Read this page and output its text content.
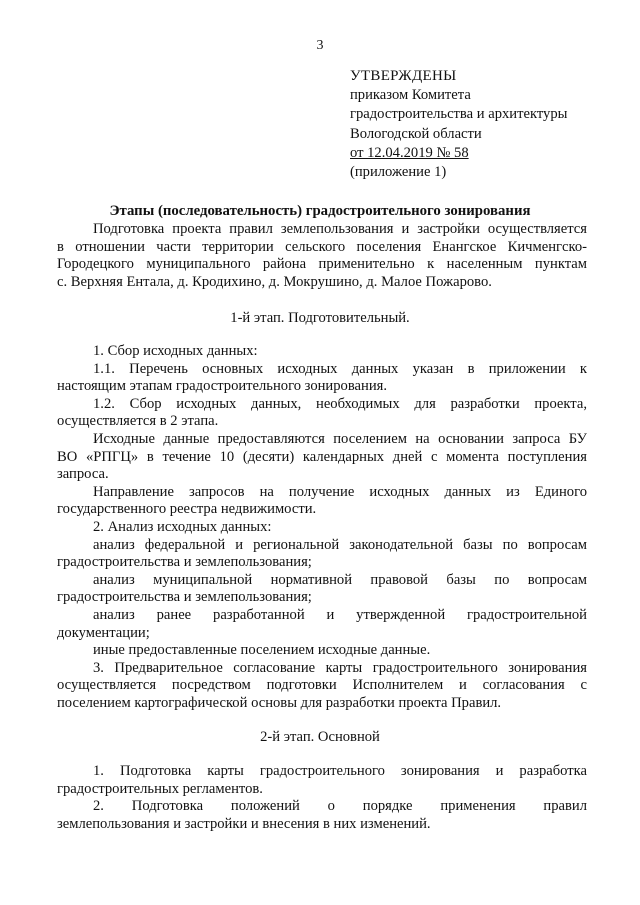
3
УТВЕРЖДЕНЫ
приказом Комитета
градостроительства и архитектуры
Вологодской области
от 12.04.2019 № 58
(приложение 1)
Этапы (последовательность) градостроительного зонирования
Подготовка проекта правил землепользования и застройки осуществляется
в отношении части территории сельского поселения Енангское Кичменгско-
Городецкого муниципального района применительно к населенным пунктам
с. Верхняя Ентала, д. Кродихино, д. Мокрушино, д. Малое Пожарово.
1-й этап. Подготовительный.
1. Сбор исходных данных:
1.1. Перечень основных исходных данных указан в приложении к
настоящим этапам градостроительного зонирования.
1.2. Сбор исходных данных, необходимых для разработки проекта,
осуществляется в 2 этапа.
Исходные данные предоставляются поселением на основании запроса БУ
ВО «РПГЦ» в течение 10 (десяти) календарных дней с момента поступления
запроса.
Направление запросов на получение исходных данных из Единого
государственного реестра недвижимости.
2. Анализ исходных данных:
анализ федеральной и региональной законодательной базы по вопросам
градостроительства и землепользования;
анализ муниципальной нормативной правовой базы по вопросам
градостроительства и землепользования;
анализ ранее разработанной и утвержденной градостроительной
документации;
иные предоставленные поселением исходные данные.
3. Предварительное согласование карты градостроительного зонирования
осуществляется посредством подготовки Исполнителем и согласования с
поселением картографической основы для разработки проекта Правил.
2-й этап. Основной
1. Подготовка карты градостроительного зонирования и разработка
градостроительных регламентов.
2. Подготовка положений о порядке применения правил
землепользования и застройки и внесения в них изменений.
